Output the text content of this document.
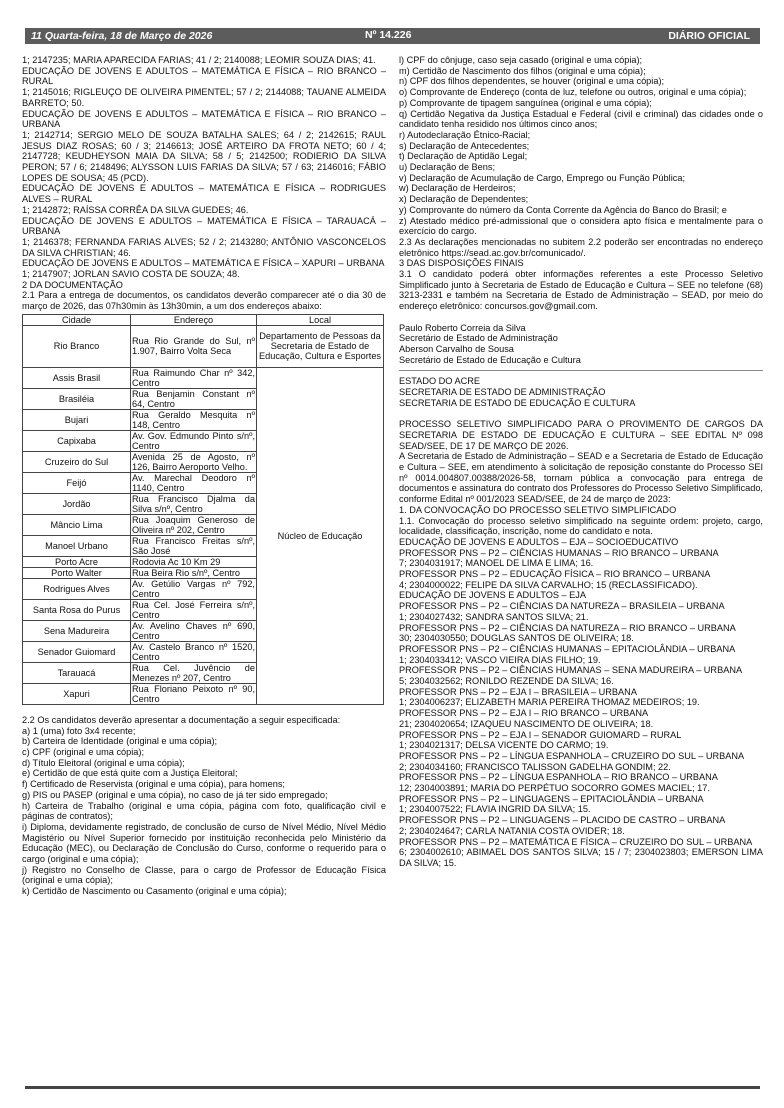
11 Quarta-feira, 18 de Março de 2026	Nº 14.226	DIÁRIO OFICIAL

1; 2147235; MARIA APARECIDA FARIAS; 41 / 2; 2140088; LEOMIR SOUZA DIAS; 41.

EDUCAÇÃO DE JOVENS E ADULTOS – MATEMÁTICA E FÍSICA – RIO BRANCO – RURAL

1; 2145016; RIGLEUÇO DE OLIVEIRA PIMENTEL; 57 / 2; 2144088; TAUANE ALMEIDA BARRETO; 50.

EDUCAÇÃO DE JOVENS E ADULTOS – MATEMÁTICA E FÍSICA – RIO BRANCO – URBANA

1; 2142714; SERGIO MELO DE SOUZA BATALHA SALES; 64 / 2; 2142615; RAUL JESUS DIAZ ROSAS; 60 / 3; 2146613; JOSÉ ARTEIRO DA FROTA NETO; 60 / 4; 2147728; KEUDHEYSON MAIA DA SILVA; 58 / 5; 2142500; RODIERIO DA SILVA PERON; 57 / 6; 2148496; ALYSSON LUIS FARIAS DA SILVA; 57 / 63; 2146016; FÁBIO LOPES DE SOUSA; 45 (PCD).

EDUCAÇÃO DE JOVENS E ADULTOS – MATEMÁTICA E FÍSICA – RODRIGUES ALVES – RURAL

1; 2142872; RAÍSSA CORRÊA DA SILVA GUEDES; 46.

EDUCAÇÃO DE JOVENS E ADULTOS – MATEMÁTICA E FÍSICA – TARAUACÁ – URBANA

1; 2146378; FERNANDA FARIAS ALVES; 52 / 2; 2143280; ANTÔNIO VASCONCELOS DA SILVA CHRISTIAN; 46.

EDUCAÇÃO DE JOVENS E ADULTOS – MATEMÁTICA E FÍSICA – XAPURI – URBANA

1; 2147907; JORLAN SAVIO COSTA DE SOUZA; 48.

2 DA DOCUMENTAÇÃO

2.1 Para a entrega de documentos, os candidatos deverão comparecer até o dia 30 de março de 2026, das 07h30min às 13h30min, a um dos endereços abaixo:

Cidade	Endereço	Local
Rio Branco	Rua Rio Grande do Sul, nº 1.907, Bairro Volta Seca	Departamento de Pessoas da Secretaria de Estado de Educação, Cultura e Esportes
Assis Brasil	Rua Raimundo Char nº 342, Centro	Núcleo de Educação
Brasiléia	Rua Benjamin Constant nº 64, Centro	
Bujari	Rua Geraldo Mesquita nº 148, Centro	
Capixaba	Av. Gov. Edmundo Pinto s/nº, Centro	
Cruzeiro do Sul	Avenida 25 de Agosto, nº 126, Bairro Aeroporto Velho.	
Feijó	Av. Marechal Deodoro nº 1140, Centro	
Jordão	Rua Francisco Djalma da Silva s/nº, Centro	
Mâncio Lima	Rua Joaquim Generoso de Oliveira nº 202, Centro	
Manoel Urbano	Rua Francisco Freitas s/nº, São José	
Porto Acre	Rodovia Ac 10 Km 29	
Porto Walter	Rua Beira Rio s/nº, Centro	
Rodrigues Alves	Av. Getúlio Vargas nº 792, Centro	
Santa Rosa do Purus	Rua Cel. José Ferreira s/nº, Centro	
Sena Madureira	Av. Avelino Chaves nº 690, Centro	
Senador Guiomard	Av. Castelo Branco nº 1520, Centro	
Tarauacá	Rua Cel. Juvêncio de Menezes nº 207, Centro	
Xapuri	Rua Floriano Peixoto nº 90, Centro	

2.2 Os candidatos deverão apresentar a documentação a seguir especificada:

a) 1 (uma) foto 3x4 recente;

b) Carteira de Identidade (original e uma cópia);

c) CPF (original e uma cópia);

d) Título Eleitoral (original e uma cópia);

e) Certidão de que está quite com a Justiça Eleitoral;

f) Certificado de Reservista (original e uma cópia), para homens;

g) PIS ou PASEP (original e uma cópia), no caso de já ter sido empregado;

h) Carteira de Trabalho (original e uma cópia, página com foto, qualificação civil e páginas de contratos);

i) Diploma, devidamente registrado, de conclusão de curso de Nível Médio, Nível Médio Magistério ou Nível Superior fornecido por instituição reconhecida pelo Ministério da Educação (MEC), ou Declaração de Conclusão do Curso, conforme o requerido para o cargo (original e uma cópia);

j) Registro no Conselho de Classe, para o cargo de Professor de Educação Física (original e uma cópia);

k) Certidão de Nascimento ou Casamento (original e uma cópia);

l) CPF do cônjuge, caso seja casado (original e uma cópia);

m) Certidão de Nascimento dos filhos (original e uma cópia);

n) CPF dos filhos dependentes, se houver (original e uma cópia);

o) Comprovante de Endereço (conta de luz, telefone ou outros, original e uma cópia);

p) Comprovante de tipagem sanguínea (original e uma cópia);

q) Certidão Negativa da Justiça Estadual e Federal (civil e criminal) das cidades onde o candidato tenha residido nos últimos cinco anos;

r) Autodeclaração Étnico-Racial;

s) Declaração de Antecedentes;

t) Declaração de Aptidão Legal;

u) Declaração de Bens;

v) Declaração de Acumulação de Cargo, Emprego ou Função Pública;

w) Declaração de Herdeiros;

x) Declaração de Dependentes;

y) Comprovante do número da Conta Corrente da Agência do Banco do Brasil; e

z) Atestado médico pré-admissional que o considera apto física e mentalmente para o exercício do cargo.

2.3 As declarações mencionadas no subitem 2.2 poderão ser encontradas no endereço eletrônico https://sead.ac.gov.br/comunicado/.

3 DAS DISPOSIÇÕES FINAIS

3.1 O candidato poderá obter informações referentes a este Processo Seletivo Simplificado junto à Secretaria de Estado de Educação e Cultura – SEE no telefone (68) 3213-2331 e também na Secretaria de Estado de Administração – SEAD, por meio do endereço eletrônico: concursos.gov@gmail.com.

Paulo Roberto Correia da Silva

Secretário de Estado de Administração

Aberson Carvalho de Sousa

Secretário de Estado de Educação e Cultura

ESTADO DO ACRE

SECRETARIA DE ESTADO DE ADMINISTRAÇÃO

SECRETARIA DE ESTADO DE EDUCAÇÃO E CULTURA

PROCESSO SELETIVO SIMPLIFICADO PARA O PROVIMENTO DE CARGOS DA SECRETARIA DE ESTADO DE EDUCAÇÃO E CULTURA – SEE EDITAL Nº 098 SEAD/SEE, DE 17 DE MARÇO DE 2026.

A Secretaria de Estado de Administração – SEAD e a Secretaria de Estado de Educação e Cultura – SEE, em atendimento à solicitação de reposição constante do Processo SEI nº 0014.004807.00388/2026-58, tornam pública a convocação para entrega de documentos e assinatura do contrato dos Professores do Processo Seletivo Simplificado, conforme Edital nº 001/2023 SEAD/SEE, de 24 de março de 2023:

1. DA CONVOCAÇÃO DO PROCESSO SELETIVO SIMPLIFICADO

1.1. Convocação do processo seletivo simplificado na seguinte ordem: projeto, cargo, localidade, classificação, inscrição, nome do candidato e nota.

EDUCAÇÃO DE JOVENS E ADULTOS – EJA – SOCIOEDUCATIVO

PROFESSOR PNS – P2 – CIÊNCIAS HUMANAS – RIO BRANCO – URBANA

7; 2304031917; MANOEL DE LIMA E LIMA; 16.

PROFESSOR PNS – P2 – EDUCAÇÃO FÍSICA – RIO BRANCO – URBANA

4; 2304000022; FELIPE DA SILVA CARVALHO; 15 (RECLASSIFICADO).

EDUCAÇÃO DE JOVENS E ADULTOS – EJA

PROFESSOR PNS – P2 – CIÊNCIAS DA NATUREZA – BRASILEIA – URBANA

1; 2304027432; SANDRA SANTOS SILVA; 21.

PROFESSOR PNS – P2 – CIÊNCIAS DA NATUREZA – RIO BRANCO – URBANA

30; 2304030550; DOUGLAS SANTOS DE OLIVEIRA; 18.

PROFESSOR PNS – P2 – CIÊNCIAS HUMANAS – EPITACIOLÂNDIA – URBANA

1; 2304033412; VASCO VIEIRA DIAS FILHO; 19.

PROFESSOR PNS – P2 – CIÊNCIAS HUMANAS – SENA MADUREIRA – URBANA

5; 2304032562; RONILDO REZENDE DA SILVA; 16.

PROFESSOR PNS – P2 – EJA I – BRASILEIA – URBANA

1; 2304006237; ELIZABETH MARIA PEREIRA THOMAZ MEDEIROS; 19.

PROFESSOR PNS – P2 – EJA I – RIO BRANCO – URBANA

21; 2304020654; IZAQUEU NASCIMENTO DE OLIVEIRA; 18.

PROFESSOR PNS – P2 – EJA I – SENADOR GUIOMARD – RURAL

1; 2304021317; DELSA VICENTE DO CARMO; 19.

PROFESSOR PNS – P2 – LÍNGUA ESPANHOLA – CRUZEIRO DO SUL – URBANA

2; 2304034160; FRANCISCO TALISSON GADELHA GONDIM; 22.

PROFESSOR PNS – P2 – LÍNGUA ESPANHOLA – RIO BRANCO – URBANA

12; 2304003891; MARIA DO PERPÉTUO SOCORRO GOMES MACIEL; 17.

PROFESSOR PNS – P2 – LINGUAGENS – EPITACIOLÂNDIA – URBANA

1; 2304007522; FLAVIA INGRID DA SILVA; 15.

PROFESSOR PNS – P2 – LINGUAGENS – PLACIDO DE CASTRO – URBANA

2; 2304024647; CARLA NATANIA COSTA OVIDER; 18.

PROFESSOR PNS – P2 – MATEMÁTICA E FÍSICA – CRUZEIRO DO SUL – URBANA

6; 2304002610; ABIMAEL DOS SANTOS SILVA; 15 / 7; 2304023803; EMERSON LIMA DA SILVA; 15.
